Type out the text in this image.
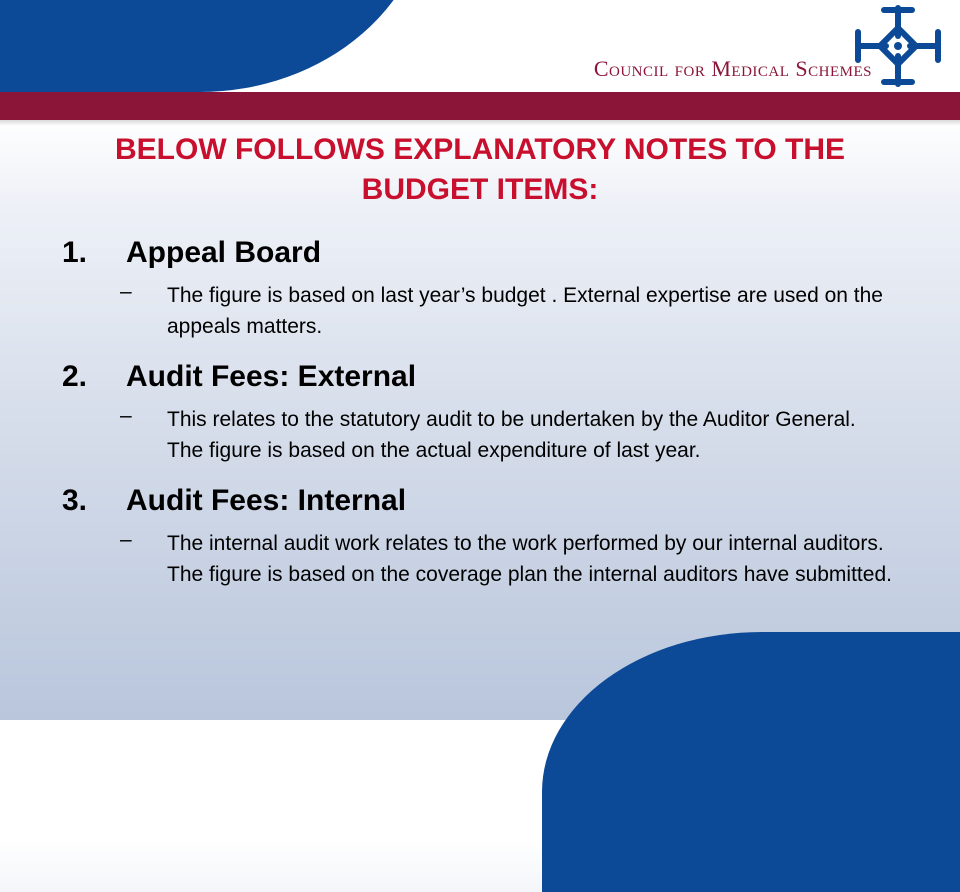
Council for Medical Schemes
BELOW FOLLOWS EXPLANATORY NOTES TO THE
BUDGET ITEMS:
1.	Appeal Board
–	The figure is based on last year’s budget . External expertise are used on the appeals matters.
2.	Audit Fees: External
–	This relates to the statutory audit to be undertaken by the Auditor General. The figure is based on the actual expenditure of last year.
3.	Audit Fees: Internal
–	The internal audit work relates to the work performed by our internal auditors. The figure is based on the coverage plan the internal auditors have submitted.
